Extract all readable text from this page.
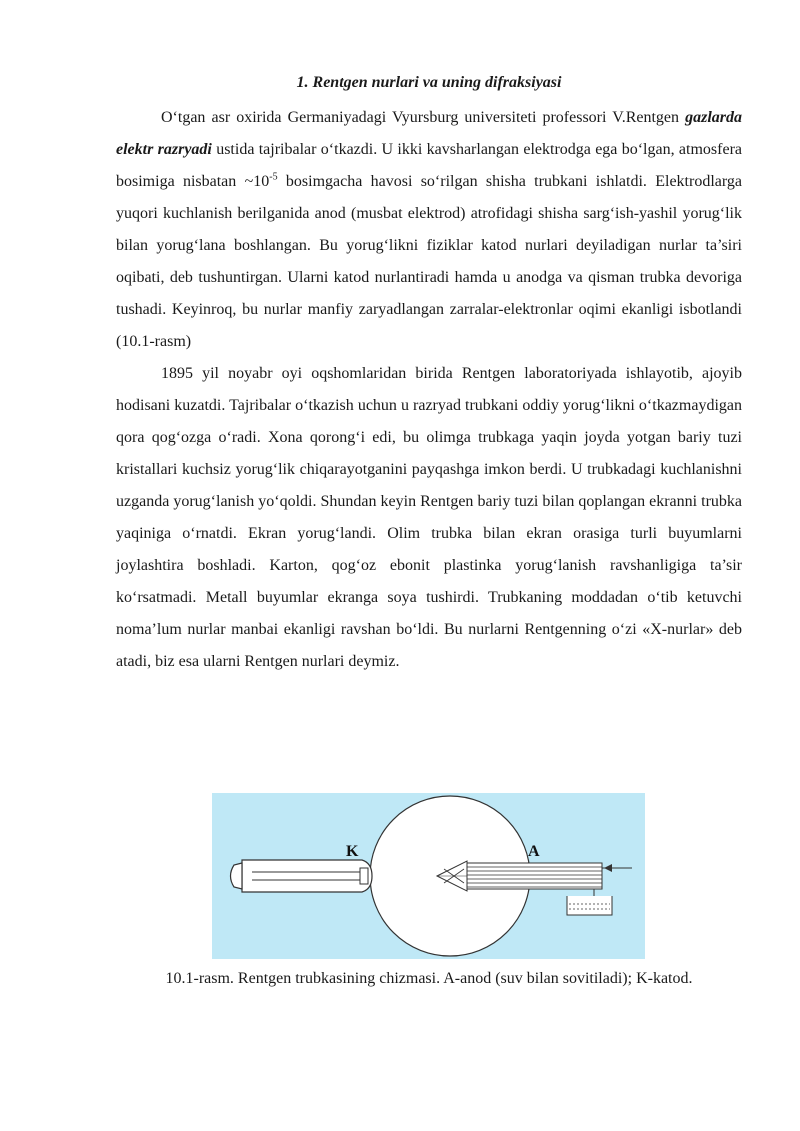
1. Rentgen nurlari va uning difraksiyasi

O‘tgan asr oxirida Germaniyadagi Vyursburg universiteti professori V.Rentgen gazlarda elektr razryadi ustida tajribalar o‘tkazdi. U ikki kavsharlangan elektrodga ega bo‘lgan, atmosfera bosimiga nisbatan $\sim 10^{-5}$ bosimgacha havosi so‘rilgan shisha trubkani ishlatdi. Elektrodlarga yuqori kuchlanish berilganida anod (musbat elektrod) atrofidagi shisha sarg‘ish-yashil yorug‘lik bilan yorug‘lana boshlangan. Bu yorug‘likni fiziklar katod nurlari deyiladigan nurlar ta’siri oqibati, deb tushuntirgan. Ularni katod nurlantiradi hamda u anodga va qisman trubka devoriga tushadi. Keyinroq, bu nurlar manfiy zaryadlangan zarralar-elektronlar oqimi ekanligi isbotlandi (10.1-rasm)

1895 yil noyabr oyi oqshomlaridan birida Rentgen laboratoriyada ishlayotib, ajoyib hodisani kuzatdi. Tajribalar o‘tkazish uchun u razryad trubkani oddiy yorug‘likni o‘tkazmaydigan qora qog‘ozga o‘radi. Xona qorong‘i edi, bu olimga trubkaga yaqin joyda yotgan bariy tuzi kristallari kuchsiz yorug‘lik chiqarayotganini payqashga imkon berdi. U trubkadagi kuchlanishni uzganda yorug‘lanish yo‘qoldi. Shundan keyin Rentgen bariy tuzi bilan qoplangan ekranni trubka yaqiniga o‘rnatdi. Ekran yorug‘landi. Olim trubka bilan ekran orasiga turli buyumlarni joylashtira boshladi. Karton, qog‘oz ebonit plastinka yorug‘lanish ravshanligiga ta’sir ko‘rsatmadi. Metall buyumlar ekranga soya tushirdi. Trubkaning moddadan o‘tib ketuvchi noma’lum nurlar manbai ekanligi ravshan bo‘ldi. Bu nurlarni Rentgenning o‘zi «X-nurlar» deb atadi, biz esa ularni Rentgen nurlari deymiz.

K	A
10.1-rasm. Rentgen trubkasining chizmasi. A-anod (suv bilan sovitiladi); K-katod.
